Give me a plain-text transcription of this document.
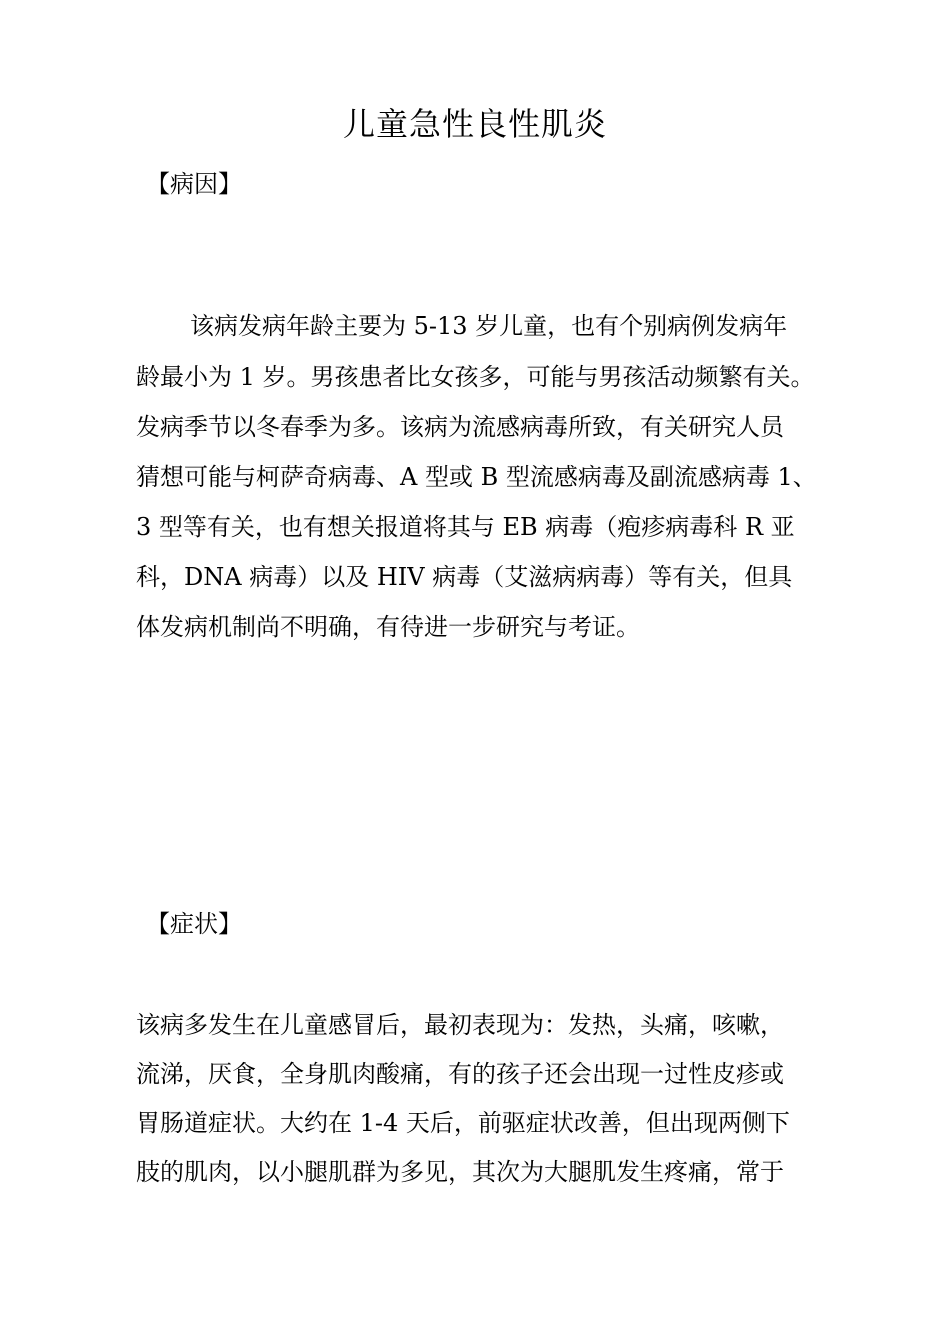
儿童急性良性肌炎
【病因】
该病发病年龄主要为 5-13 岁儿童，也有个别病例发病年
龄最小为 1 岁。男孩患者比女孩多，可能与男孩活动频繁有关。
发病季节以冬春季为多。该病为流感病毒所致，有关研究人员
猜想可能与柯萨奇病毒、A 型或 B 型流感病毒及副流感病毒 1、
3 型等有关，也有想关报道将其与 EB 病毒（疱疹病毒科 R 亚
科，DNA 病毒）以及 HIV 病毒（艾滋病病毒）等有关，但具
体发病机制尚不明确，有待进一步研究与考证。
【症状】
该病多发生在儿童感冒后，最初表现为：发热，头痛，咳嗽，
流涕，厌食，全身肌肉酸痛，有的孩子还会出现一过性皮疹或
胃肠道症状。大约在 1-4 天后，前驱症状改善，但出现两侧下
肢的肌肉，以小腿肌群为多见，其次为大腿肌发生疼痛，常于
